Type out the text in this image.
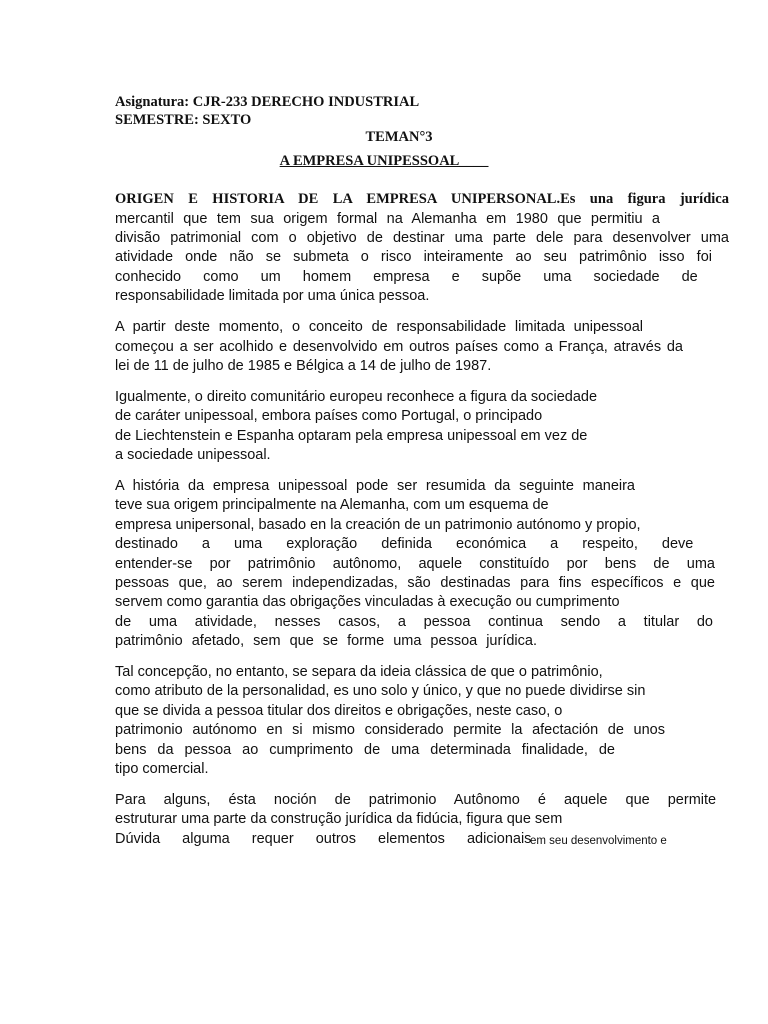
Asignatura: CJR-233 DERECHO INDUSTRIAL
SEMESTRE: SEXTO
TEMAN°3
A EMPRESA UNIPESSOAL____
ORIGEN E HISTORIA DE LA EMPRESA UNIPERSONAL.Es una figura jurídica
mercantil que tem sua origem formal na Alemanha em 1980 que permitiu a
divisão patrimonial com o objetivo de destinar uma parte dele para desenvolver uma
atividade onde não se submeta o risco inteiramente ao seu patrimônio isso foi
conhecido como um homem empresa e supõe uma sociedade de
responsabilidade limitada por uma única pessoa.
A partir deste momento, o conceito de responsabilidade limitada unipessoal
começou a ser acolhido e desenvolvido em outros países como a França, através da
lei de 11 de julho de 1985 e Bélgica a 14 de julho de 1987.
Igualmente, o direito comunitário europeu reconhece a figura da sociedade
de caráter unipessoal, embora países como Portugal, o principado
de Liechtenstein e Espanha optaram pela empresa unipessoal em vez de
a sociedade unipessoal.
A história da empresa unipessoal pode ser resumida da seguinte maneira
teve sua origem principalmente na Alemanha, com um esquema de
empresa unipersonal, basado en la creación de un patrimonio autónomo y propio,
destinado a uma exploração definida económica a respeito, deve
entender-se por patrimônio autônomo, aquele constituído por bens de uma
pessoas que, ao serem independizadas, são destinadas para fins específicos e que
servem como garantia das obrigações vinculadas à execução ou cumprimento
de uma atividade, nesses casos, a pessoa continua sendo a titular do
patrimônio afetado, sem que se forme uma pessoa jurídica.
Tal concepção, no entanto, se separa da ideia clássica de que o patrimônio,
como atributo de la personalidad, es uno solo y único, y que no puede dividirse sin
que se divida a pessoa titular dos direitos e obrigações, neste caso, o
patrimonio autónomo en si mismo considerado permite la afectación de unos
bens da pessoa ao cumprimento de uma determinada finalidade, de
tipo comercial.
Para alguns, ésta noción de patrimonio Autônomo é aquele que permite
estruturar uma parte da construção jurídica da fidúcia, figura que sem
Dúvida alguma requer outros elementos adicionais
em seu desenvolvimento e
